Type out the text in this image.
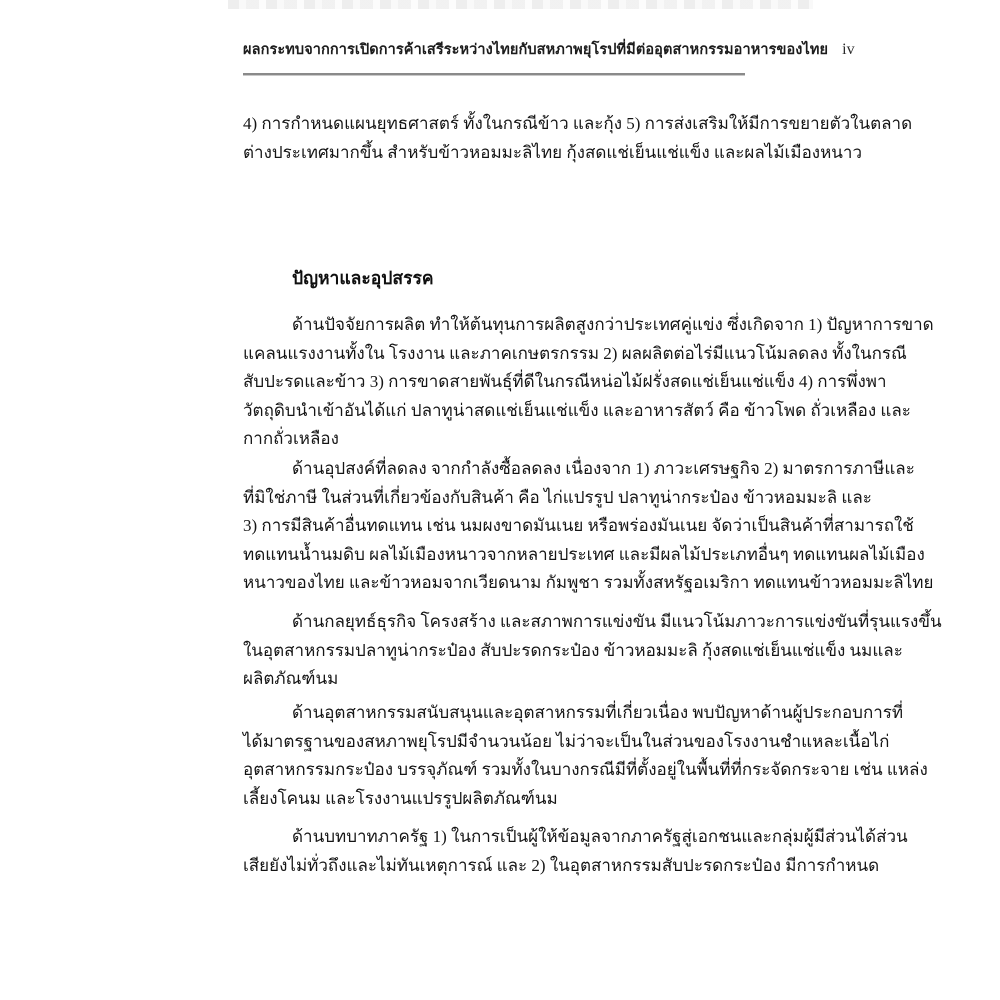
ผลกระทบจากการเปิดการค้าเสรีระหว่างไทยกับสหภาพยุโรปที่มีต่ออุตสาหกรรมอาหารของไทย iv
4) การกำหนดแผนยุทธศาสตร์ ทั้งในกรณีข้าว และกุ้ง 5) การส่งเสริมให้มีการขยายตัวในตลาด
ต่างประเทศมากขึ้น สำหรับข้าวหอมมะลิไทย กุ้งสดแช่เย็นแช่แข็ง และผลไม้เมืองหนาว
ปัญหาและอุปสรรค
ด้านปัจจัยการผลิต ทำให้ต้นทุนการผลิตสูงกว่าประเทศคู่แข่ง ซึ่งเกิดจาก 1) ปัญหาการขาด
แคลนแรงงานทั้งใน โรงงาน และภาคเกษตรกรรม 2) ผลผลิตต่อไร่มีแนวโน้มลดลง ทั้งในกรณี
สับปะรดและข้าว 3) การขาดสายพันธุ์ที่ดีในกรณีหน่อไม้ฝรั่งสดแช่เย็นแช่แข็ง 4) การพึ่งพา
วัตถุดิบนำเข้าอันได้แก่ ปลาทูน่าสดแช่เย็นแช่แข็ง และอาหารสัตว์ คือ ข้าวโพด ถั่วเหลือง และ
กากถั่วเหลือง
ด้านอุปสงค์ที่ลดลง จากกำลังซื้อลดลง เนื่องจาก 1) ภาวะเศรษฐกิจ 2) มาตรการภาษีและ
ที่มิใช่ภาษี ในส่วนที่เกี่ยวข้องกับสินค้า คือ ไก่แปรรูป ปลาทูน่ากระป๋อง ข้าวหอมมะลิ และ
3) การมีสินค้าอื่นทดแทน เช่น นมผงขาดมันเนย หรือพร่องมันเนย จัดว่าเป็นสินค้าที่สามารถใช้
ทดแทนน้ำนมดิบ ผลไม้เมืองหนาวจากหลายประเทศ และมีผลไม้ประเภทอื่นๆ ทดแทนผลไม้เมือง
หนาวของไทย และข้าวหอมจากเวียดนาม กัมพูชา รวมทั้งสหรัฐอเมริกา ทดแทนข้าวหอมมะลิไทย
ด้านกลยุทธ์ธุรกิจ โครงสร้าง และสภาพการแข่งขัน มีแนวโน้มภาวะการแข่งขันที่รุนแรงขึ้น
ในอุตสาหกรรมปลาทูน่ากระป๋อง สับปะรดกระป๋อง ข้าวหอมมะลิ กุ้งสดแช่เย็นแช่แข็ง นมและ
ผลิตภัณฑ์นม
ด้านอุตสาหกรรมสนับสนุนและอุตสาหกรรมที่เกี่ยวเนื่อง พบปัญหาด้านผู้ประกอบการที่
ได้มาตรฐานของสหภาพยุโรปมีจำนวนน้อย ไม่ว่าจะเป็นในส่วนของโรงงานชำแหละเนื้อไก่
อุตสาหกรรมกระป๋อง บรรจุภัณฑ์ รวมทั้งในบางกรณีมีที่ตั้งอยู่ในพื้นที่ที่กระจัดกระจาย เช่น แหล่ง
เลี้ยงโคนม และโรงงานแปรรูปผลิตภัณฑ์นม
ด้านบทบาทภาครัฐ 1) ในการเป็นผู้ให้ข้อมูลจากภาครัฐสู่เอกชนและกลุ่มผู้มีส่วนได้ส่วน
เสียยังไม่ทั่วถึงและไม่ทันเหตุการณ์ และ 2) ในอุตสาหกรรมสับปะรดกระป๋อง มีการกำหนด
